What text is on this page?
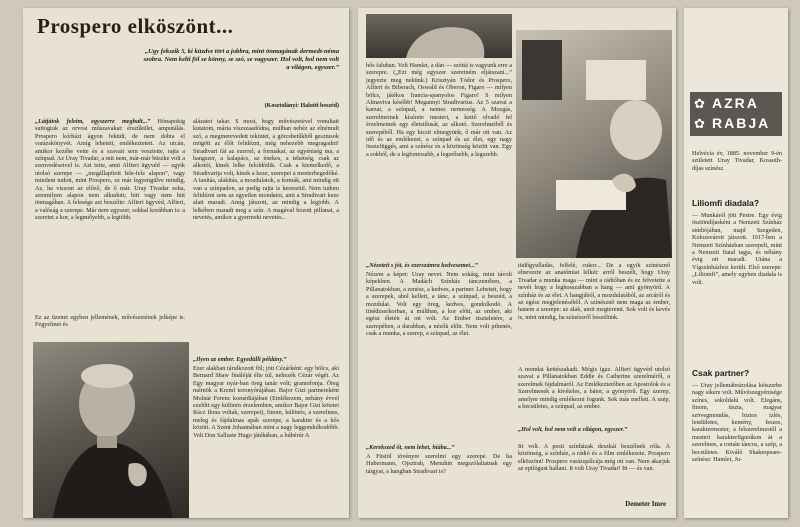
Prospero elköszönt...
„Ugy fekszik 5, ki küzdve tört a jobbra, mint önmagának dermedt-néma szobra. Nem kelti föl se könny, se szó, se vagyszer. Hol volt, hol nem volt a világon, egyszer.”
(Kosztolányi: Halotti beszéd)
„Látjátok feleim, egyszerre meghalt...” Hónapokig suttogtuk az orvosi műszavakat: érszűkület, amputálás. Prospero kórházi ágyon feküdt, de nem dobta el varázskönyvét. Amíg lehetett, emlékeztetett. Az utcán, amikor kezébe vette és a szavait sem vesztette, rajta a színpad. Az Uray Tivadar, a mit nem, már-már büszke volt a szenvedéseivel is. Azt tette, amit Alfieri ügyvéd — egyik utolsó szerepe — „megállapított fele-fele alapon”, vagy mindent tudott, mint Prospero, ez már legyengülve mindig, Az, ha viszont az előző, de ő már. Uray Tivadar soha, semmilyen alapon nem alkudott; hitt vagy nem hitt önmagában. A felesége azt beszélte: Alfieri ügyvéd, Alfieri, a valóság a szerepe. Már nem egyszer, sokkal korábban is: a szeretet a kor, a legmélyebb, a legtöbb.
Ez az üzenet egyben jellemének, művészetének jelképe is. Fegyelmet és
alázatot takar. S most, hogy művészetével vonultait kutatom, mária viszszaadódna, múlhan nehéz az elnémult szó, a megmerevedett tekintet, a görcsbetűkből gesztusok mögött az élőt felidézni, még nehezebb megragadni! Stradivari fát az ezerrel, a formákat, az egyéniség ma, a hangszer, a kalapács, az énekes, a tehetség, csak az alkotót, kinek lelke feloldódik. Csak a kiemelkedő, a Stradivarija volt, kinek a keze, szerepei a mesterhegedőké. A tanítás, alakítás, a mozdulatok, a formák, ami mindig ott van a színpadon, az pedig rajta is keresztül. Nem tudom felidézni sem az egyetlen mondatot, ami a Stradivari keze alatt maradt. Amíg játszott, az mindig a legjobb. A lelkében maradt meg a szín. A magával hozott pillanat, a nevetés, amikor a gyermeki nevetés...
„Ilyen az ember. Egyedülli példány.”
Ezer alakban tárulkozott föl; jött Cézárként: egy bölcs, aki Bernard Shaw fináléját élte túl, nehezék Cézár végét. Az Egy magyar nyár-ban öreg tanár volt; gramofonja. Öreg mérnök a Kreml toronyórájában. Bajor Gizi partnereként Molnár Ferenc komédiájában (Emlékezem, nehány évvel ezelőtt egy különös érzelemben, amikor Bajor Gizi kötetei Rácz Ilona voltak, szerepei), finom, különös, a szerelmes, meleg és fájdalmas apák szerepe, a karakter és a hős között. A Szent Johannában mint a nagy leggondolkodóbb. Volt Don Salluste Hugo játékában, a húbérúr A
hős faluban. Volt Hamlet, a dán — szóttá is vagyunk erre a szerepre. („Ezt még egyszer szeretném eljátszani...” jegyezte meg nekünk.) Krisztyán Tódor és Prospero, Alfieri és Biberach, Oswald és Oberon, Figaro — milyen bölcs, játékos francia-spanyolos Figaro! S milyen Almaviva később! Megannyi Stradivarius. Az 5 szavai a karzat, a színpad, a nemes nemesség. A Mozgás, szerelmeinek kísérete mesteri, a kettő olvadó fel érzelmeinek egy életstílusát, az alkotó. Szerelmeiből és szerepéből. Ha egy kicsit elmegyünk, ő már ott van. Az idő és az emlékezet, a színpad és az élet, egy nagy összefüggés, ami a színész és a közönség között van. Egy a sokból, de a legfontosabb, a legerősebb, a legszebb.
„Nézeteit s jót, és ezerszámra kedvesemet...”
Nézem a képet: Uray nevet. Nem sokáig, mint távoli képekben. A Madách Színház tánczenében, a Pillanatokban, a zenész, a kedves, a partner. Lehetett, hogy a szerepek, ahol kellett, a tánc, a színpad, a beszéd, a mozdulat. Volt egy öreg, kedves, gondolkodó. A tinédzserkorban, a múltban, a kor előtt, az ember, aki egész életén át ott volt. Az Ember tiszteletére, a szerepében, a darabban, a nézők előtt. Nem volt pihenés, csak a munka, a szerep, a színpad, az élet.
„Kerekszed őt, nem lehet, hiába...”
A Füstöl tövényre szerelmi egy szerepe. De ha Hubermann, Ojsztrah, Menuhin megszólaltatnak egy tárgyat, a hangban Stradivari is?
tüdőgyulladás, felfelé, cukor... De a egyik színésznő elnevezte az anatómiai lelkét: arról beszélt, hogy Uray Tivadar a munka maga — mint a rádióban és ez felvetette a nevét hogy a leghosszabban a hang — ami gyönyörű. A színház és az élet. A hangjából, a mozdulatából, az arcáról és az egész megjelenéséből. A színésznő nem maga az ember, hanem a szerepe: az alak, amit megteremt. Sok volt és kevés is, mint mindig, ha színészről beszélünk.
A mondat kettészakadt. Mégis igaz. Alfieri ügyvéd utolsó szavai a Pillanatokban Eddie és Catherine szerelméről, a szerelmek fájdalmáról. Az Emlékeztetőben az Apostolok és a Szerelmesek a kivételes, a bátor, a gyönyörű. Egy szerep, amelyre mindig emlékezni fogunk. Sok más mellett. A szép, a becsületes, a színpad, az ember.
„Hol volt, hol nem volt a világon, egyszer.”
Itt volt. A pesti színházak deszkái beszélnek róla. A közönség, a színház, a rádió és a film emlékezete. Prospero elköszönt! Prospero varázspálcája még ott van. Nem akarjuk az epilógust hallani. It volt Uray Tivadar! Itt — és van.
Demeter Imre
✿ AZRA
✿ RABJA
Helvécia év, 1885. november 9-én született Uray Tivadar, Kossuth-díjas színész.
Liliomfi diadala?
— Munkáról jött Pestre. Egy évig ösztöndíjasként a Nemzeti Színház stúdiójában, majd Szegeden, Kolozsvárott játszott. 1917-ben a Nemzeti Színházban szerepelt, mint a Nemzeti fiatal tagja, és néhány évig ott maradt. Utána a Vígszínházhoz került. Első szerepe: „Liliomfi”, amely egyben diadala is volt.
Csak partner?
— Uray jellemábrázolása kétszerbe nagy sikere volt. Művészegyénisége színes, sokoldalú volt. Elegáns, finom, tiszta, magyar szövegmondás, biztos ízlés, lendületes, kemény, feszes, karaktermester, a hőszerelmestől a mesteri karakterfigurákon át a szerelmes, a román táncos, a szép, a becsületes. Kiváló Shakespeare-színész: Hamlet, Ju-
